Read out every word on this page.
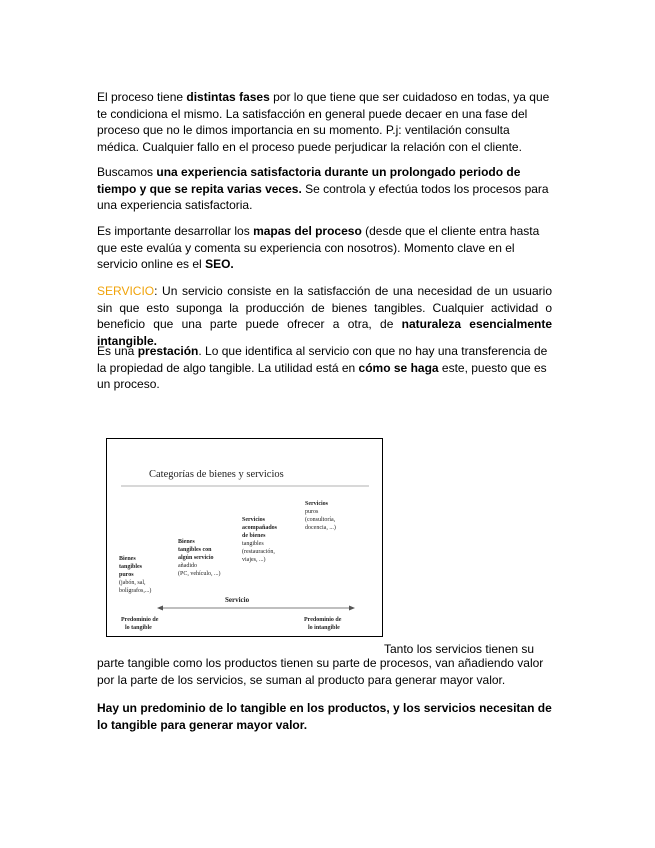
El proceso tiene distintas fases por lo que tiene que ser cuidadoso en todas, ya que te condiciona el mismo. La satisfacción en general puede decaer en una fase del proceso que no le dimos importancia en su momento. P.j: ventilación consulta médica. Cualquier fallo en el proceso puede perjudicar la relación con el cliente.

Buscamos una experiencia satisfactoria durante un prolongado periodo de tiempo y que se repita varias veces. Se controla y efectúa todos los procesos para una experiencia satisfactoria.

Es importante desarrollar los mapas del proceso (desde que el cliente entra hasta que este evalúa y comenta su experiencia con nosotros). Momento clave en el servicio online es el SEO.

SERVICIO: Un servicio consiste en la satisfacción de una necesidad de un usuario sin que esto suponga la producción de bienes tangibles. Cualquier actividad o beneficio que una parte puede ofrecer a otra, de naturaleza esencialmente intangible.

Es una prestación. Lo que identifica al servicio con que no hay una transferencia de la propiedad de algo tangible. La utilidad está en cómo se haga este, puesto que es un proceso.

Categorías de bienes y servicios
Bienes
tangibles
puros
(jabón, sal,
bolígrafos,...)
Bienes
tangibles con
algún servicio
añadido
(PC, vehículo, ...)
Servicios
acompañados
de bienes
tangibles
(restauración,
viajes, ...)
Servicios
puros
(consultoría,
docencia, ...)
Servicio
Predominio de
lo tangible
Predominio de
lo intangible
Tanto los servicios tienen su
parte tangible como los productos tienen su parte de procesos, van añadiendo valor por la parte de los servicios, se suman al producto para generar mayor valor.
Hay un predominio de lo tangible en los productos, y los servicios necesitan de lo tangible para generar mayor valor.
